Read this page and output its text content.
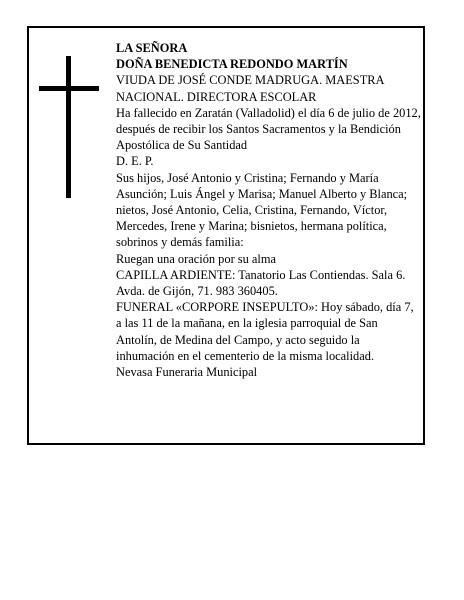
LA SEÑORA

DOÑA BENEDICTA REDONDO MARTÍN

VIUDA DE JOSÉ CONDE MADRUGA. MAESTRA NACIONAL. DIRECTORA ESCOLAR

Ha fallecido en Zaratán (Valladolid) el día 6 de julio de 2012, después de recibir los Santos Sacramentos y la Bendición Apostólica de Su Santidad

D. E. P.

Sus hijos, José Antonio y Cristina; Fernando y María Asunción; Luis Ángel y Marisa; Manuel Alberto y Blanca; nietos, José Antonio, Celia, Cristina, Fernando, Víctor, Mercedes, Irene y Marina; bisnietos, hermana política, sobrinos y demás familia:

Ruegan una oración por su alma

CAPILLA ARDIENTE: Tanatorio Las Contiendas. Sala 6. Avda. de Gijón, 71. 983 360405.

FUNERAL «CORPORE INSEPULTO»: Hoy sábado, día 7, a las 11 de la mañana, en la iglesia parroquial de San Antolín, de Medina del Campo, y acto seguido la inhumación en el cementerio de la misma localidad.

Nevasa Funeraria Municipal
